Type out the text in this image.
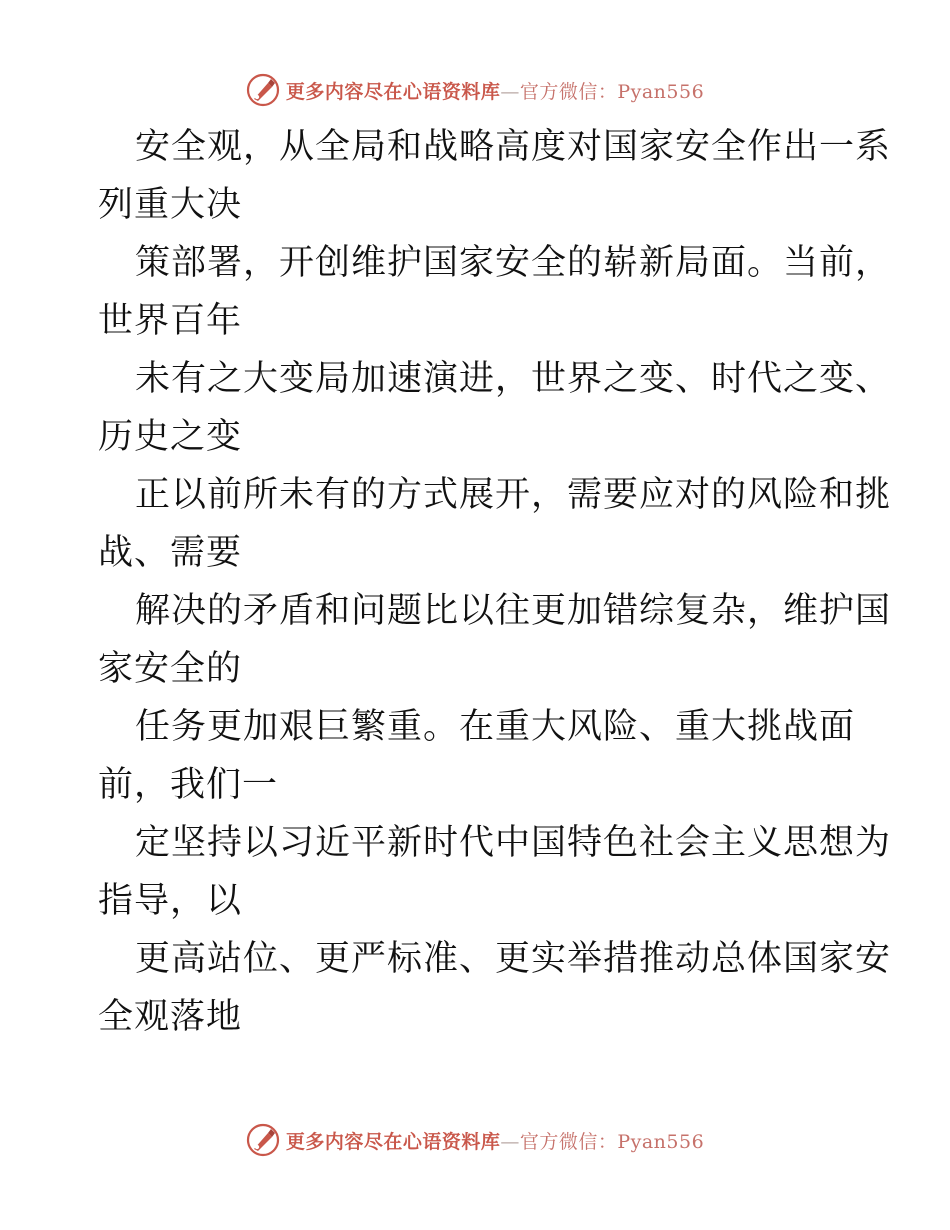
更多内容尽在心语资料库—官方微信：Pyan556
安全观，从全局和战略高度对国家安全作出一系
列重大决
策部署，开创维护国家安全的崭新局面。当前，
世界百年
未有之大变局加速演进，世界之变、时代之变、
历史之变
正以前所未有的方式展开，需要应对的风险和挑
战、需要
解决的矛盾和问题比以往更加错综复杂，维护国
家安全的
任务更加艰巨繁重。在重大风险、重大挑战面
前，我们一
定坚持以习近平新时代中国特色社会主义思想为
指导，以
更高站位、更严标准、更实举措推动总体国家安
全观落地
更多内容尽在心语资料库—官方微信：Pyan556
